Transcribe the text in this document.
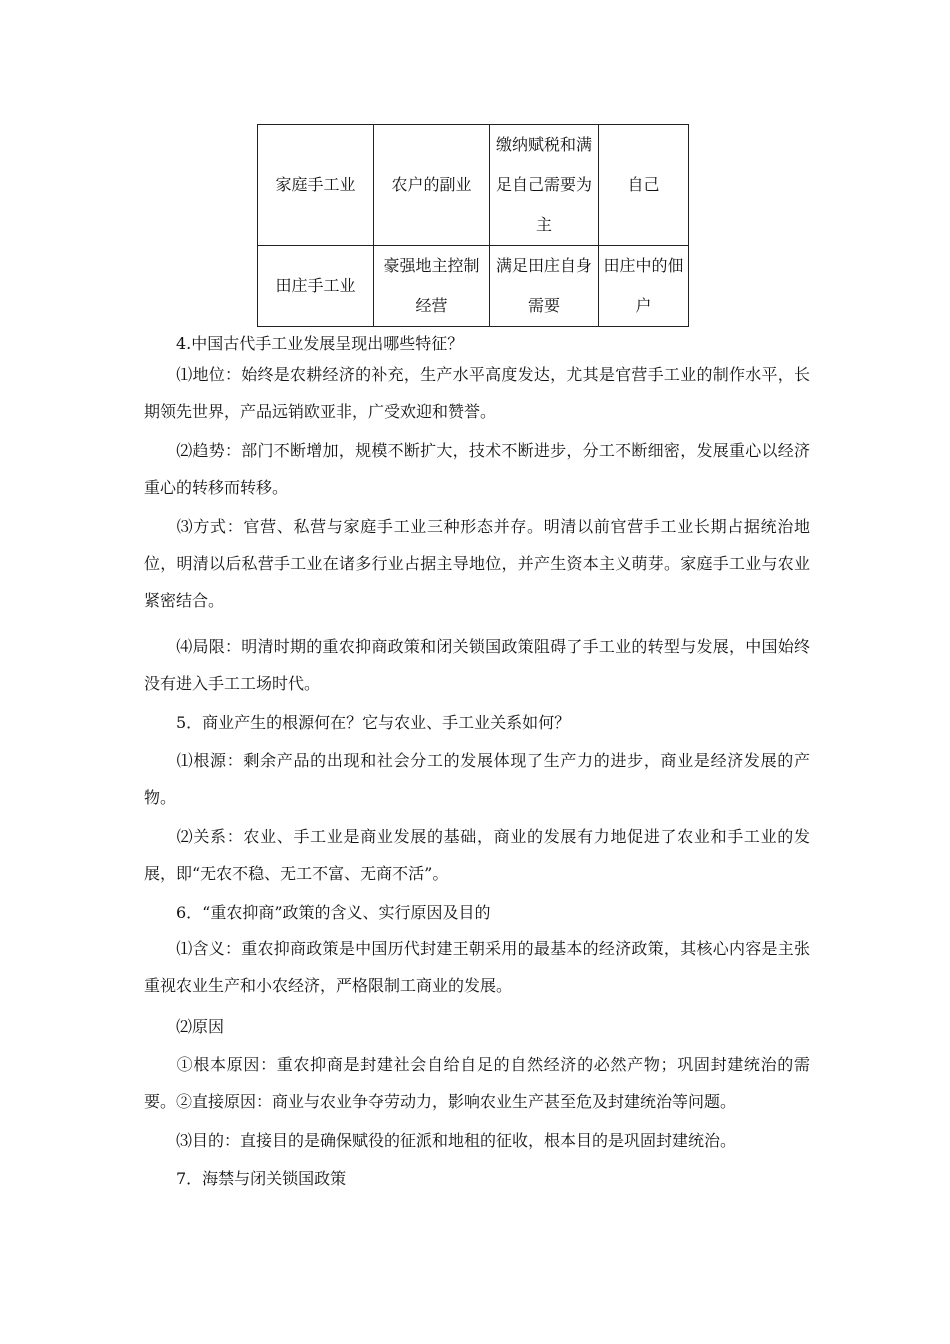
家庭手工业	农户的副业	缴纳赋税和满足自己需要为主	自己
田庄手工业	豪强地主控制经营	满足田庄自身需要	田庄中的佃户

4.中国古代手工业发展呈现出哪些特征？

⑴地位：始终是农耕经济的补充，生产水平高度发达，尤其是官营手工业的制作水平，长期领先世界，产品远销欧亚非，广受欢迎和赞誉。

⑵趋势：部门不断增加，规模不断扩大，技术不断进步，分工不断细密，发展重心以经济重心的转移而转移。

⑶方式：官营、私营与家庭手工业三种形态并存。明清以前官营手工业长期占据统治地位，明清以后私营手工业在诸多行业占据主导地位，并产生资本主义萌芽。家庭手工业与农业紧密结合。

⑷局限：明清时期的重农抑商政策和闭关锁国政策阻碍了手工业的转型与发展，中国始终没有进入手工工场时代。

5．商业产生的根源何在？它与农业、手工业关系如何？

⑴根源：剩余产品的出现和社会分工的发展体现了生产力的进步，商业是经济发展的产物。

⑵关系：农业、手工业是商业发展的基础，商业的发展有力地促进了农业和手工业的发展，即“无农不稳、无工不富、无商不活”。

6．“重农抑商”政策的含义、实行原因及目的

⑴含义：重农抑商政策是中国历代封建王朝采用的最基本的经济政策，其核心内容是主张重视农业生产和小农经济，严格限制工商业的发展。

⑵原因

①根本原因：重农抑商是封建社会自给自足的自然经济的必然产物；巩固封建统治的需要。②直接原因：商业与农业争夺劳动力，影响农业生产甚至危及封建统治等问题。

⑶目的：直接目的是确保赋役的征派和地租的征收，根本目的是巩固封建统治。

7．海禁与闭关锁国政策
